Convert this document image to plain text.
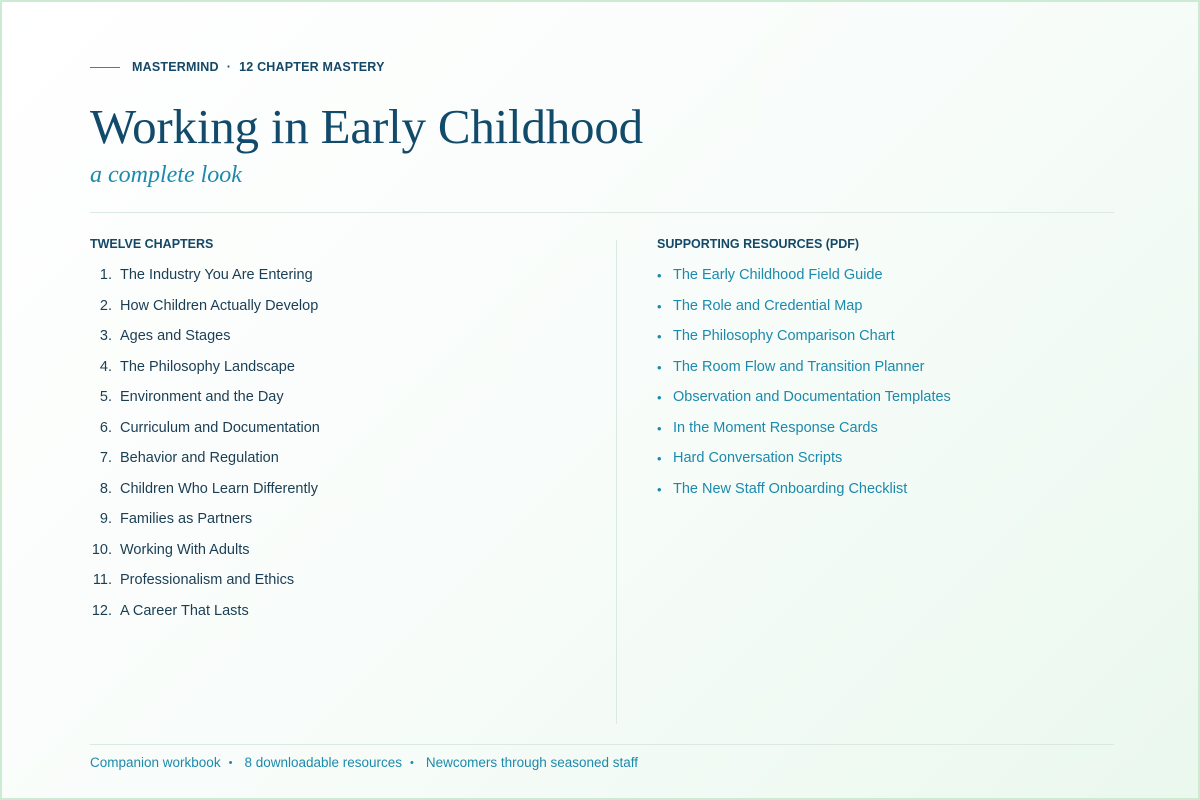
MASTERMIND · 12 CHAPTER MASTERY
Working in Early Childhood
a complete look
TWELVE CHAPTERS
1. The Industry You Are Entering
2. How Children Actually Develop
3. Ages and Stages
4. The Philosophy Landscape
5. Environment and the Day
6. Curriculum and Documentation
7. Behavior and Regulation
8. Children Who Learn Differently
9. Families as Partners
10. Working With Adults
11. Professionalism and Ethics
12. A Career That Lasts
SUPPORTING RESOURCES (PDF)
• The Early Childhood Field Guide
• The Role and Credential Map
• The Philosophy Comparison Chart
• The Room Flow and Transition Planner
• Observation and Documentation Templates
• In the Moment Response Cards
• Hard Conversation Scripts
• The New Staff Onboarding Checklist
Companion workbook • 8 downloadable resources • Newcomers through seasoned staff
